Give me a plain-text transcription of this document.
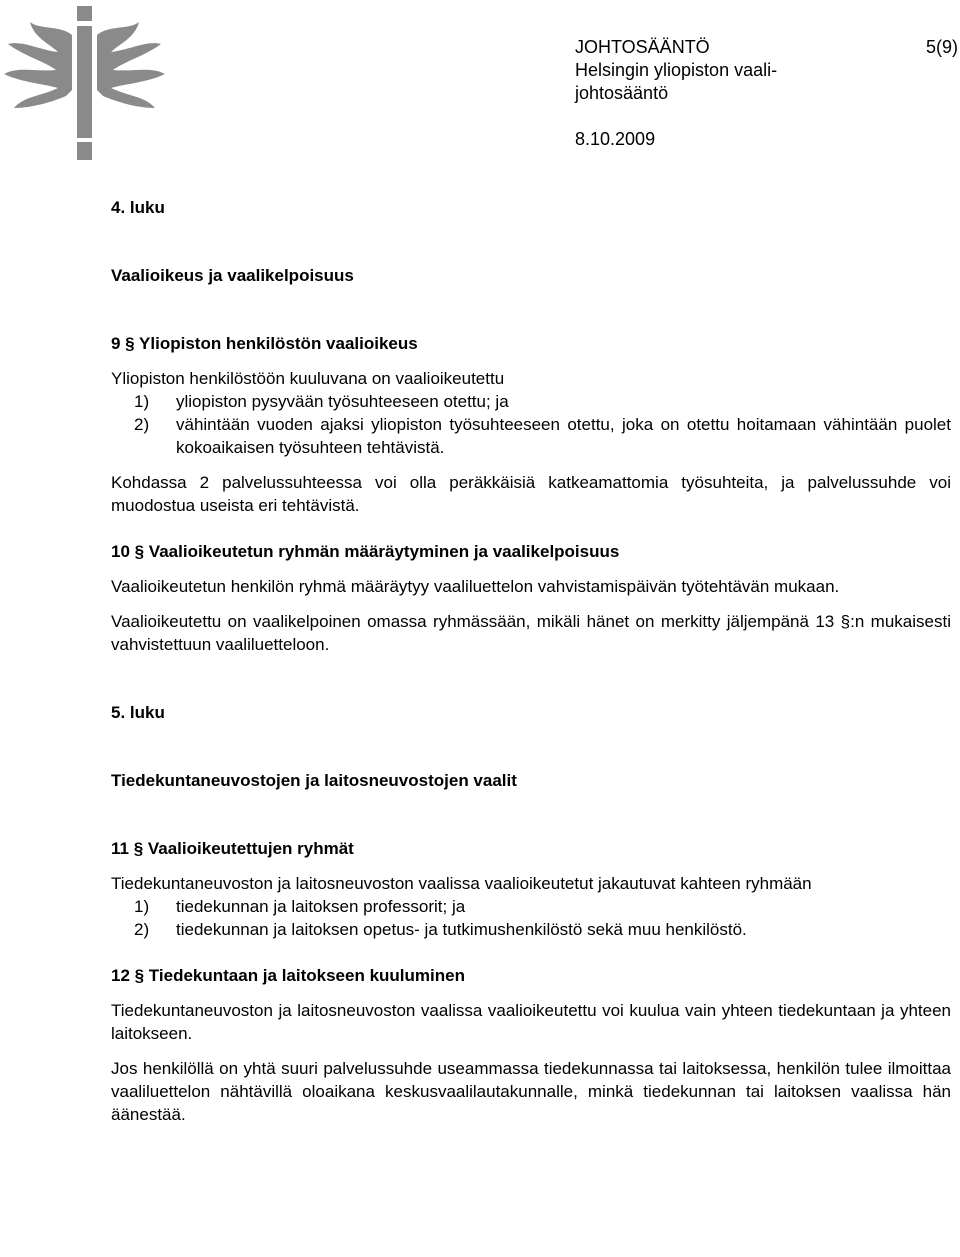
JOHTOSÄÄNTÖ	5(9)
Helsingin yliopiston vaali-
johtosääntö
8.10.2009

4. luku

Vaalioikeus ja vaalikelpoisuus

9 § Yliopiston henkilöstön vaalioikeus

Yliopiston henkilöstöön kuuluvana on vaalioikeutettu

1) yliopiston pysyvään työsuhteeseen otettu; ja
2) vähintään vuoden ajaksi yliopiston työsuhteeseen otettu, joka on otettu hoitamaan vähintään puolet kokoaikaisen työsuhteen tehtävistä.

Kohdassa 2 palvelussuhteessa voi olla peräkkäisiä katkeamattomia työsuhteita, ja palvelussuhde voi muodostua useista eri tehtävistä.

10 § Vaalioikeutetun ryhmän määräytyminen ja vaalikelpoisuus

Vaalioikeutetun henkilön ryhmä määräytyy vaaliluettelon vahvistamispäivän työtehtävän mukaan.

Vaalioikeutettu on vaalikelpoinen omassa ryhmässään, mikäli hänet on merkitty jäljempänä 13 §:n mukaisesti vahvistettuun vaaliluetteloon.

5. luku

Tiedekuntaneuvostojen ja laitosneuvostojen vaalit

11 § Vaalioikeutettujen ryhmät

Tiedekuntaneuvoston ja laitosneuvoston vaalissa vaalioikeutetut jakautuvat kahteen ryhmään

1) tiedekunnan ja laitoksen professorit; ja
2) tiedekunnan ja laitoksen opetus- ja tutkimushenkilöstö sekä muu henkilöstö.

12 § Tiedekuntaan ja laitokseen kuuluminen

Tiedekuntaneuvoston ja laitosneuvoston vaalissa vaalioikeutettu voi kuulua vain yhteen tiedekuntaan ja yhteen laitokseen.

Jos henkilöllä on yhtä suuri palvelussuhde useammassa tiedekunnassa tai laitoksessa, henkilön tulee ilmoittaa vaaliluettelon nähtävillä oloaikana keskusvaalilautakunnalle, minkä tiedekunnan tai laitoksen vaalissa hän äänestää.
